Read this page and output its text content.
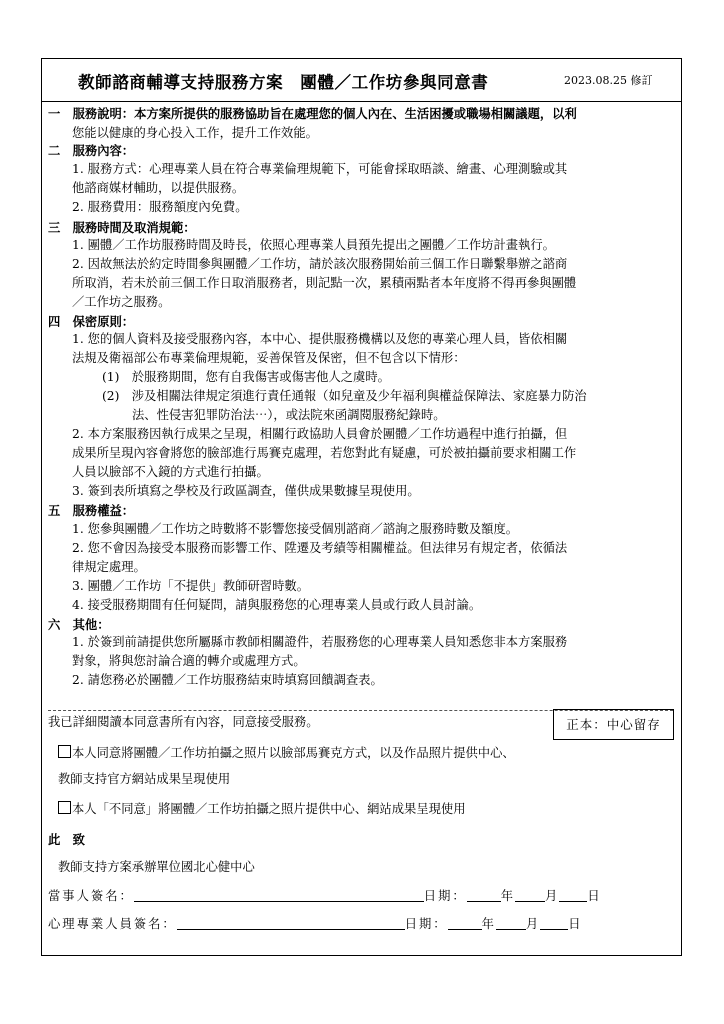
教師諮商輔導支持服務方案　團體／工作坊參與同意書	2023.08.25 修訂
一　服務說明：本方案所提供的服務協助旨在處理您的個人內在、生活困擾或職場相關議題，以利
您能以健康的身心投入工作，提升工作效能。
二　服務內容：
1. 服務方式：心理專業人員在符合專業倫理規範下，可能會採取晤談、繪畫、心理測驗或其
他諮商媒材輔助，以提供服務。
2. 服務費用：服務額度內免費。
三　服務時間及取消規範：
1. 團體／工作坊服務時間及時長，依照心理專業人員預先提出之團體／工作坊計畫執行。
2. 因故無法於約定時間參與團體／工作坊，請於該次服務開始前三個工作日聯繫舉辦之諮商
所取消，若未於前三個工作日取消服務者，則記點一次，累積兩點者本年度將不得再參與團體
／工作坊之服務。
四　保密原則：
1. 您的個人資料及接受服務內容，本中心、提供服務機構以及您的專業心理人員，皆依相關
法規及衛福部公布專業倫理規範，妥善保管及保密，但不包含以下情形：
(1)　於服務期間，您有自我傷害或傷害他人之虞時。
(2)　涉及相關法律規定須進行責任通報（如兒童及少年福利與權益保障法、家庭暴力防治
法、性侵害犯罪防治法⋯），或法院來函調閱服務紀錄時。
2. 本方案服務因執行成果之呈現，相關行政協助人員會於團體／工作坊過程中進行拍攝，但
成果所呈現內容會將您的臉部進行馬賽克處理，若您對此有疑慮，可於被拍攝前要求相關工作
人員以臉部不入鏡的方式進行拍攝。
3. 簽到表所填寫之學校及行政區調查，僅供成果數據呈現使用。
五　服務權益：
1. 您參與團體／工作坊之時數將不影響您接受個別諮商／諮詢之服務時數及額度。
2. 您不會因為接受本服務而影響工作、陞遷及考績等相關權益。但法律另有規定者，依循法
律規定處理。
3. 團體／工作坊「不提供」教師研習時數。
4. 接受服務期間有任何疑問，請與服務您的心理專業人員或行政人員討論。
六　其他：
1. 於簽到前請提供您所屬縣市教師相關證件，若服務您的心理專業人員知悉您非本方案服務
對象，將與您討論合適的轉介或處理方式。
2. 請您務必於團體／工作坊服務結束時填寫回饋調查表。
我已詳細閱讀本同意書所有內容，同意接受服務。	正本：中心留存
本人同意將團體／工作坊拍攝之照片以臉部馬賽克方式，以及作品照片提供中心、
教師支持官方網站成果呈現使用
本人「不同意」將團體／工作坊拍攝之照片提供中心、網站成果呈現使用
此　致
教師支持方案承辦單位國北心健中心
當事人簽名：	日期：	年 月 日
心理專業人員簽名：	日期：	年 月 日
